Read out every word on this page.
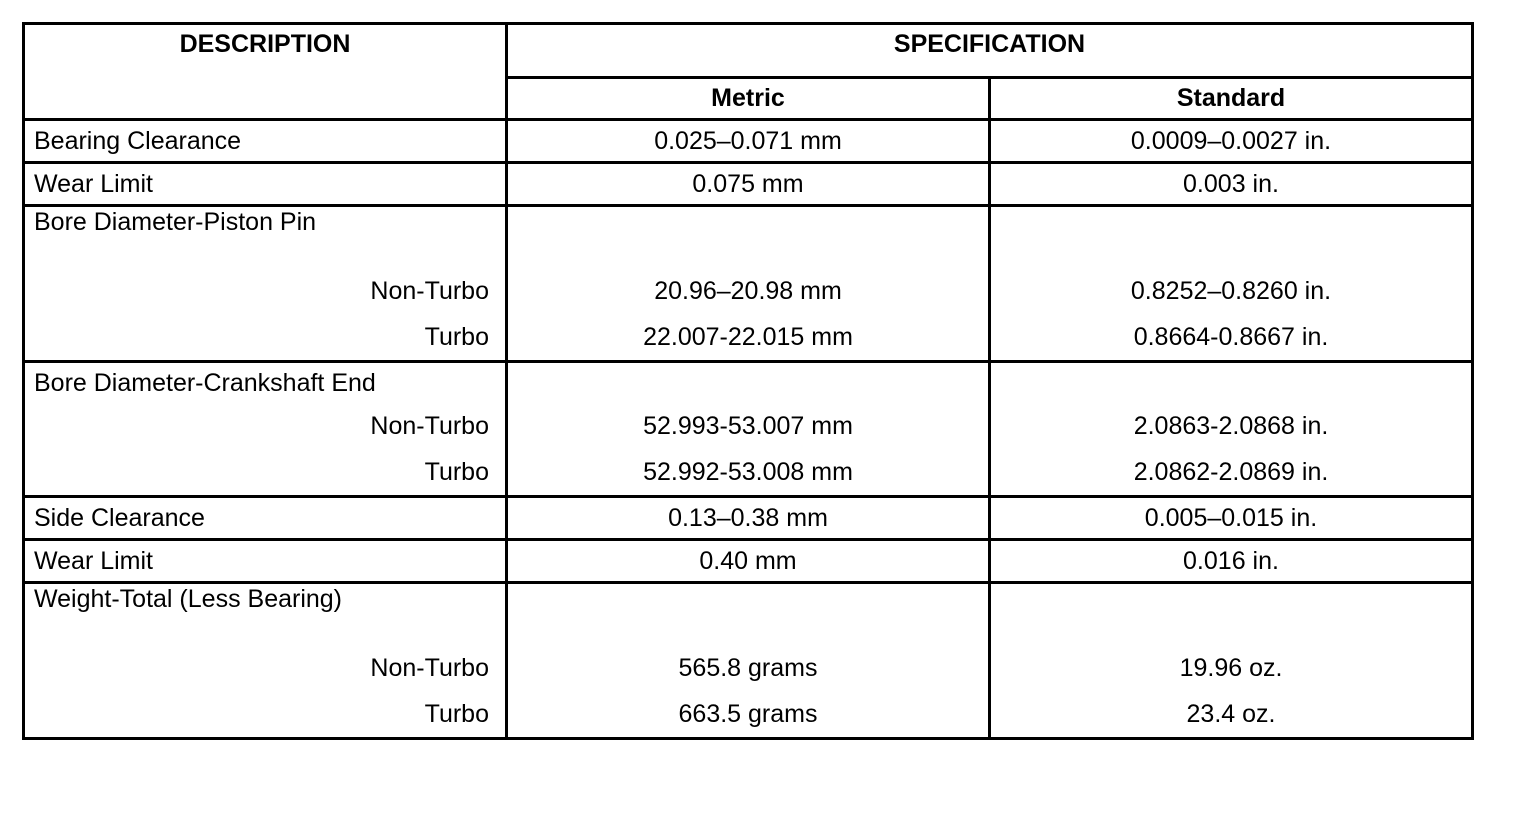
DESCRIPTION	SPECIFICATION	
	Metric	Standard
Bearing Clearance	0.025–0.071 mm	0.0009–0.0027 in.
Wear Limit	0.075 mm	0.003 in.
Bore Diameter-Piston Pin		
Non-Turbo	20.96–20.98 mm	0.8252–0.8260 in.
Turbo	22.007-22.015 mm	0.8664-0.8667 in.
Bore Diameter-Crankshaft End		
Non-Turbo	52.993-53.007 mm	2.0863-2.0868 in.
Turbo	52.992-53.008 mm	2.0862-2.0869 in.
Side Clearance	0.13–0.38 mm	0.005–0.015 in.
Wear Limit	0.40 mm	0.016 in.
Weight-Total (Less Bearing)		
Non-Turbo	565.8 grams	19.96 oz.
Turbo	663.5 grams	23.4 oz.
